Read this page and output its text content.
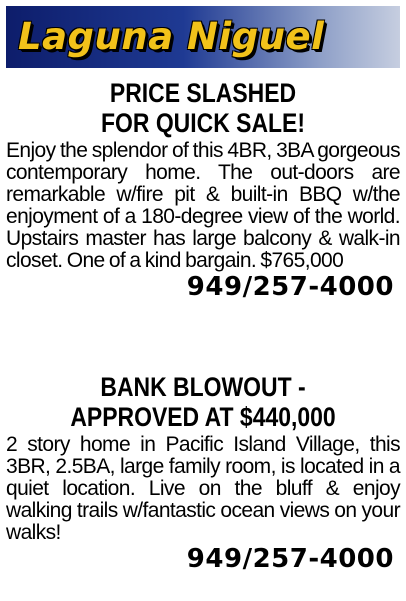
Laguna Niguel
PRICE SLASHED
FOR QUICK SALE!
Enjoy the splendor of this 4BR, 3BA gorgeous contemporary home. The out-doors are remarkable w/fire pit & built-in BBQ w/the enjoyment of a 180-degree view of the world. Upstairs master has large balcony & walk-in closet. One of a kind bargain. $765,000
949/257-4000
BANK BLOWOUT -
APPROVED AT $440,000
2 story home in Pacific Island Village, this 3BR, 2.5BA, large family room, is located in a quiet location. Live on the bluff & enjoy walking trails w/fantastic ocean views on your walks!
949/257-4000
